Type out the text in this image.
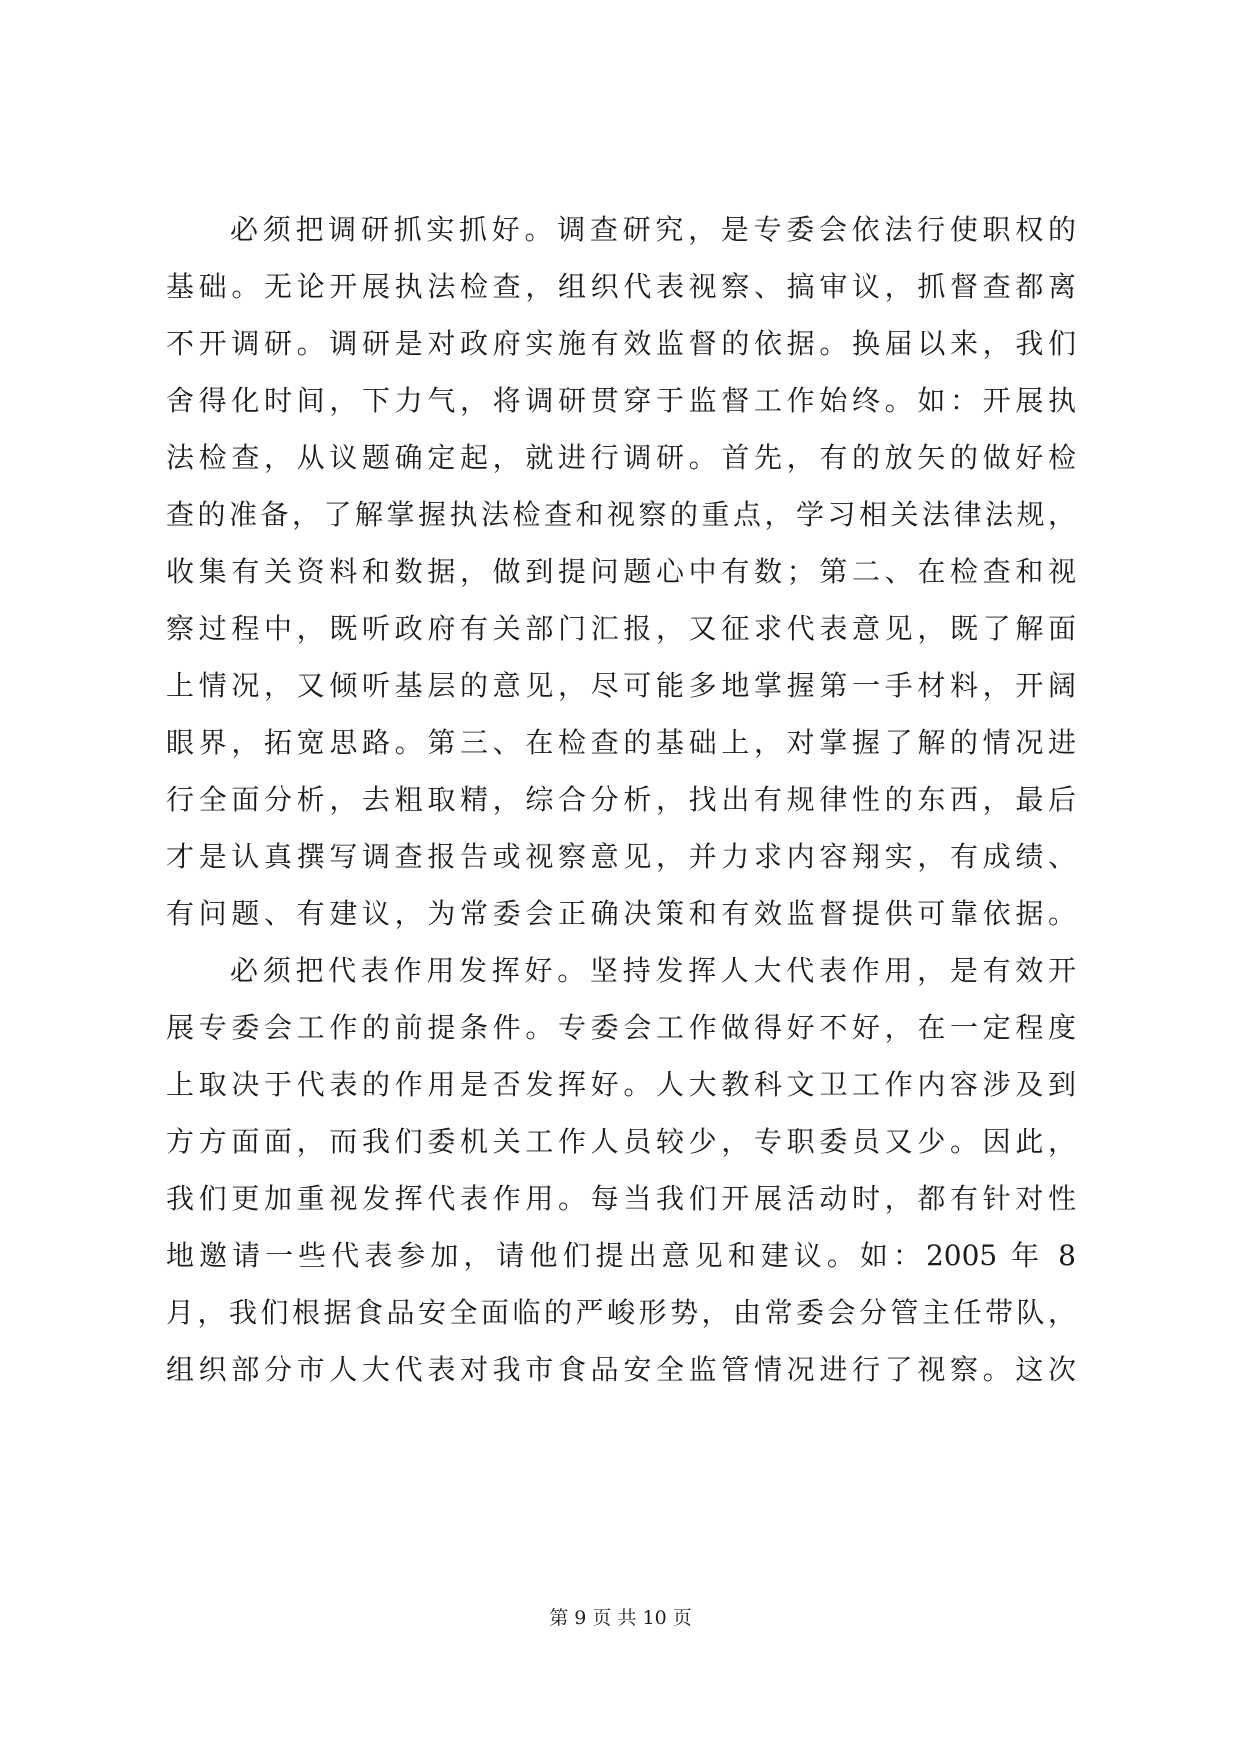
必须把调研抓实抓好。调查研究，是专委会依法行使职权的
基础。无论开展执法检查，组织代表视察、搞审议，抓督查都离
不开调研。调研是对政府实施有效监督的依据。换届以来，我们
舍得化时间，下力气，将调研贯穿于监督工作始终。如：开展执
法检查，从议题确定起，就进行调研。首先，有的放矢的做好检
查的准备，了解掌握执法检查和视察的重点，学习相关法律法规，
收集有关资料和数据，做到提问题心中有数；第二、在检查和视
察过程中，既听政府有关部门汇报，又征求代表意见，既了解面
上情况，又倾听基层的意见，尽可能多地掌握第一手材料，开阔
眼界，拓宽思路。第三、在检查的基础上，对掌握了解的情况进
行全面分析，去粗取精，综合分析，找出有规律性的东西，最后
才是认真撰写调查报告或视察意见，并力求内容翔实，有成绩、
有问题、有建议，为常委会正确决策和有效监督提供可靠依据。
必须把代表作用发挥好。坚持发挥人大代表作用，是有效开
展专委会工作的前提条件。专委会工作做得好不好，在一定程度
上取决于代表的作用是否发挥好。人大教科文卫工作内容涉及到
方方面面，而我们委机关工作人员较少，专职委员又少。因此，
我们更加重视发挥代表作用。每当我们开展活动时，都有针对性
地邀请一些代表参加，请他们提出意见和建议。如：2005 年 8
月，我们根据食品安全面临的严峻形势，由常委会分管主任带队，
组织部分市人大代表对我市食品安全监管情况进行了视察。这次
第 9 页 共 10 页
